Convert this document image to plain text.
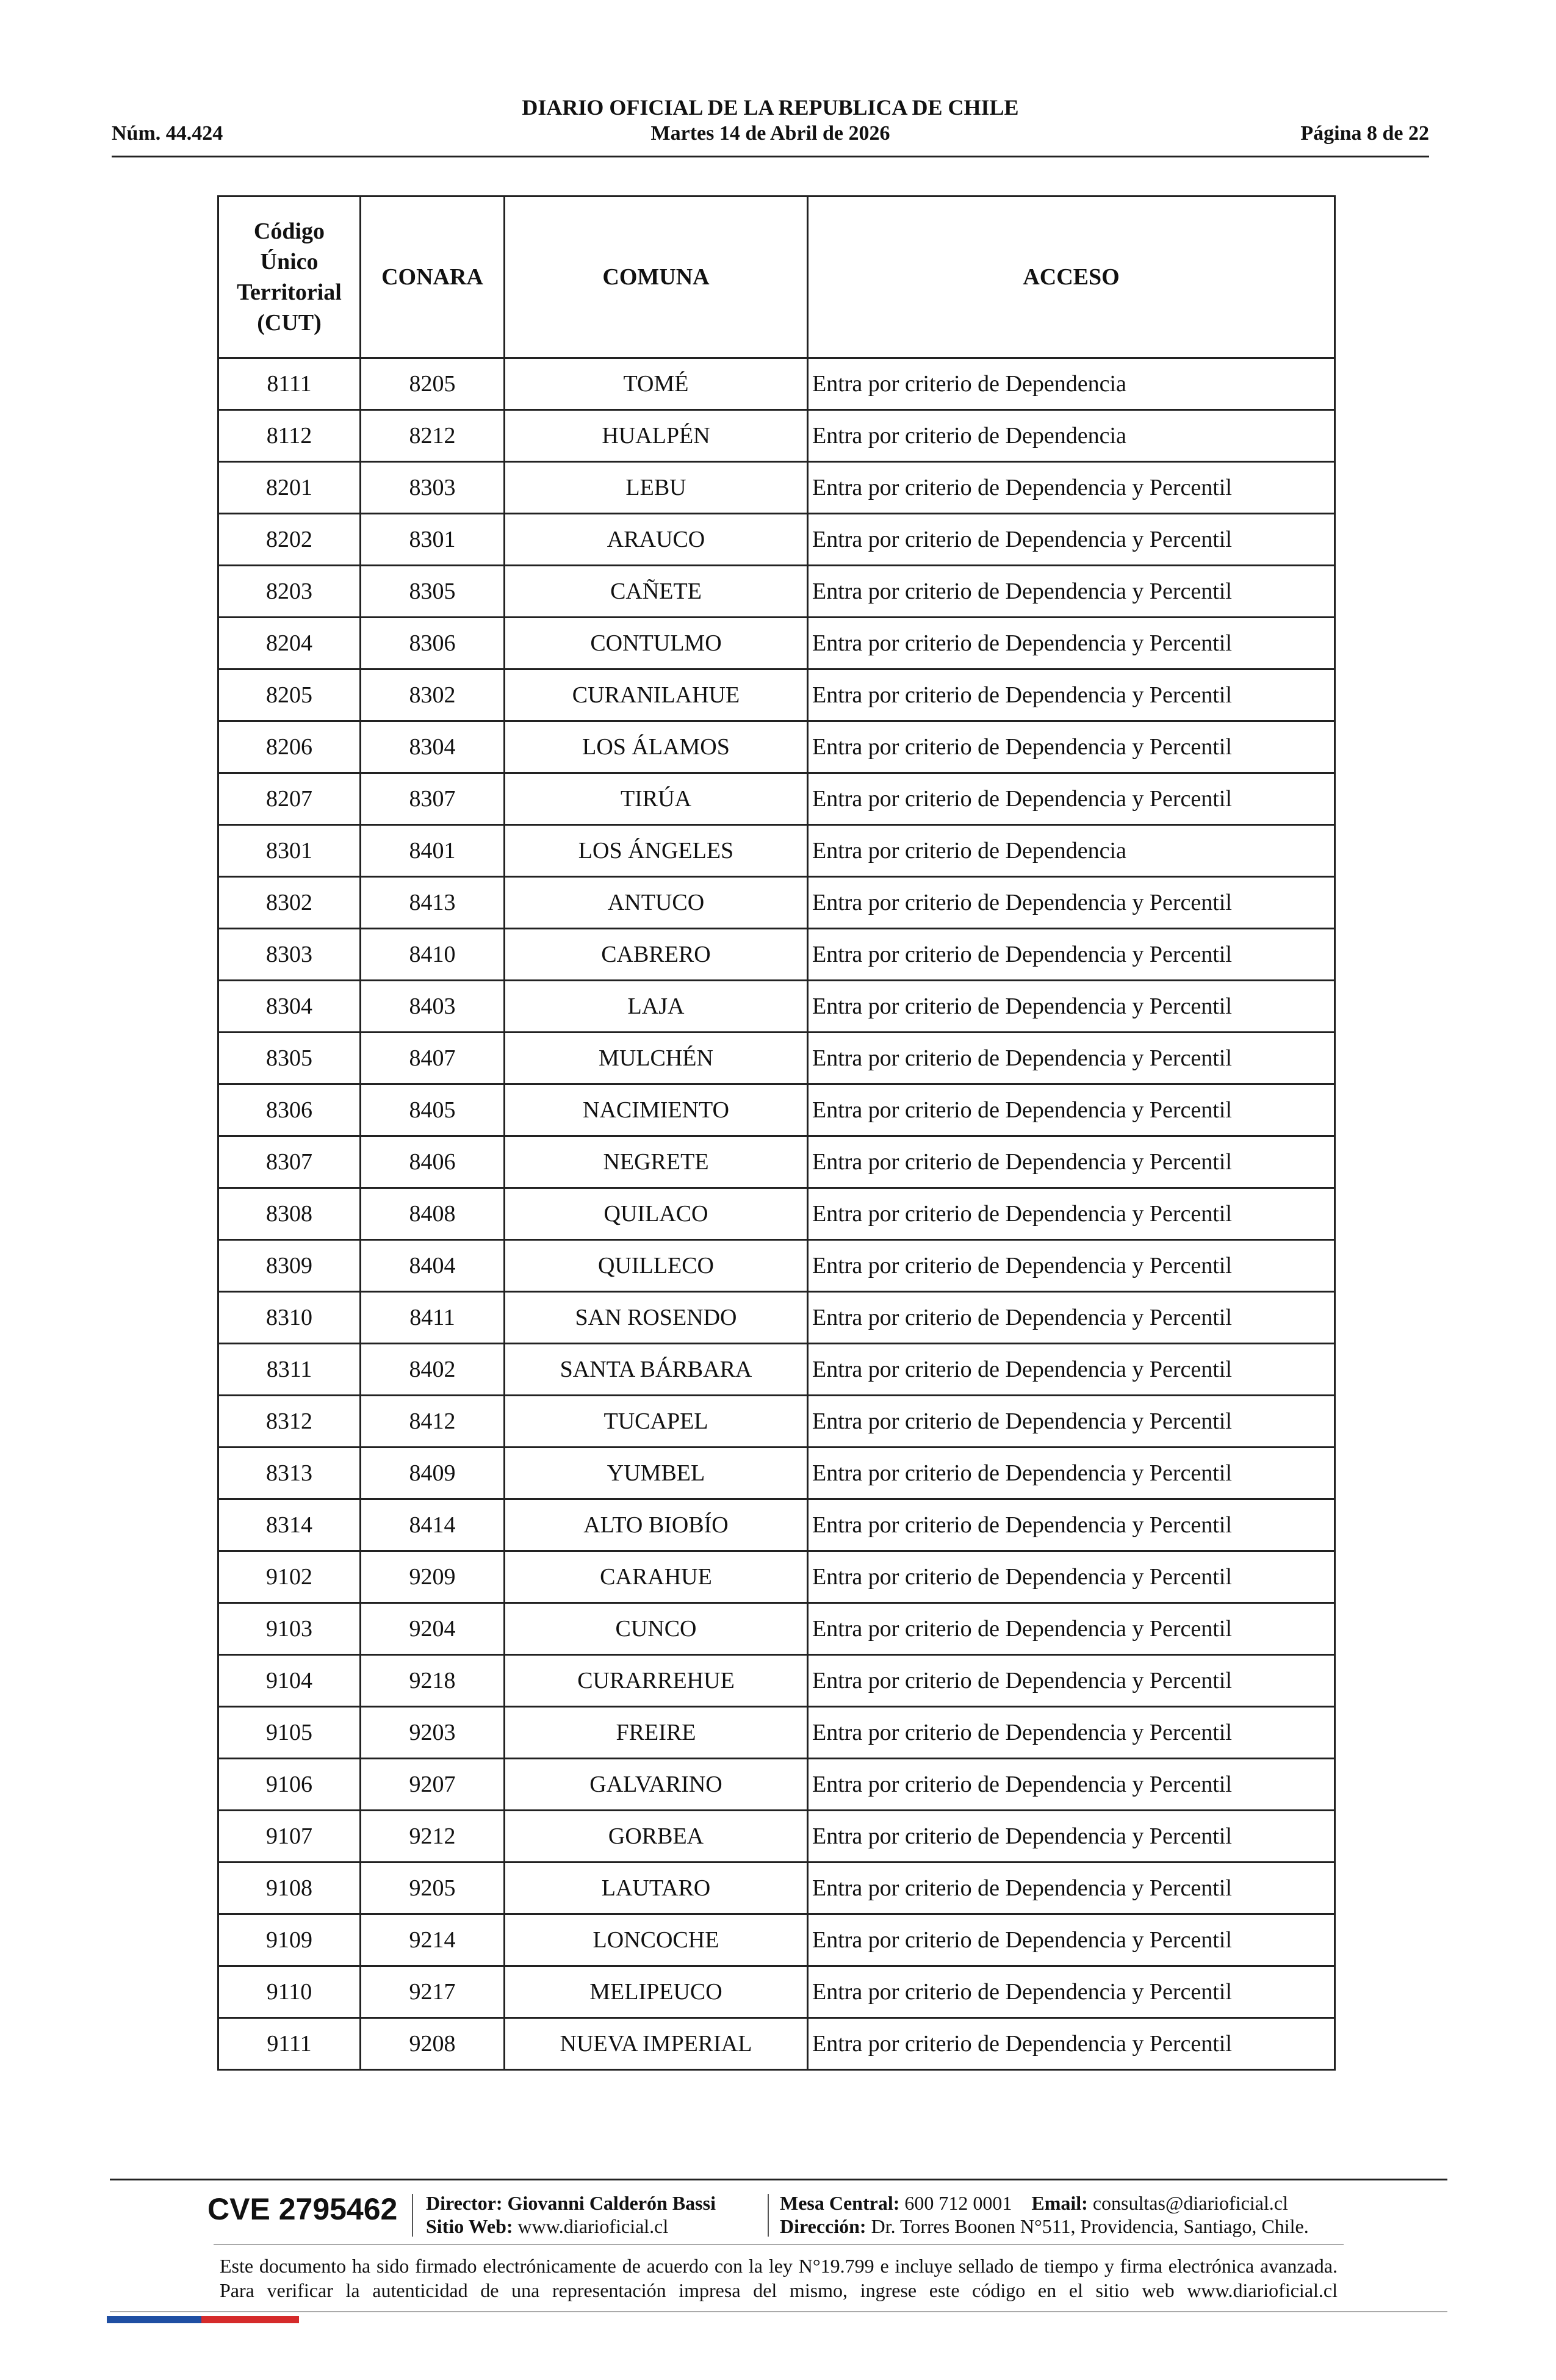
DIARIO OFICIAL DE LA REPUBLICA DE CHILE
Núm. 44.424	Martes 14 de Abril de 2026	Página 8 de 22
Código Único Territorial (CUT)	CONARA	COMUNA	ACCESO
8111	8205	TOMÉ	Entra por criterio de Dependencia
8112	8212	HUALPÉN	Entra por criterio de Dependencia
8201	8303	LEBU	Entra por criterio de Dependencia y Percentil
8202	8301	ARAUCO	Entra por criterio de Dependencia y Percentil
8203	8305	CAÑETE	Entra por criterio de Dependencia y Percentil
8204	8306	CONTULMO	Entra por criterio de Dependencia y Percentil
8205	8302	CURANILAHUE	Entra por criterio de Dependencia y Percentil
8206	8304	LOS ÁLAMOS	Entra por criterio de Dependencia y Percentil
8207	8307	TIRÚA	Entra por criterio de Dependencia y Percentil
8301	8401	LOS ÁNGELES	Entra por criterio de Dependencia
8302	8413	ANTUCO	Entra por criterio de Dependencia y Percentil
8303	8410	CABRERO	Entra por criterio de Dependencia y Percentil
8304	8403	LAJA	Entra por criterio de Dependencia y Percentil
8305	8407	MULCHÉN	Entra por criterio de Dependencia y Percentil
8306	8405	NACIMIENTO	Entra por criterio de Dependencia y Percentil
8307	8406	NEGRETE	Entra por criterio de Dependencia y Percentil
8308	8408	QUILACO	Entra por criterio de Dependencia y Percentil
8309	8404	QUILLECO	Entra por criterio de Dependencia y Percentil
8310	8411	SAN ROSENDO	Entra por criterio de Dependencia y Percentil
8311	8402	SANTA BÁRBARA	Entra por criterio de Dependencia y Percentil
8312	8412	TUCAPEL	Entra por criterio de Dependencia y Percentil
8313	8409	YUMBEL	Entra por criterio de Dependencia y Percentil
8314	8414	ALTO BIOBÍO	Entra por criterio de Dependencia y Percentil
9102	9209	CARAHUE	Entra por criterio de Dependencia y Percentil
9103	9204	CUNCO	Entra por criterio de Dependencia y Percentil
9104	9218	CURARREHUE	Entra por criterio de Dependencia y Percentil
9105	9203	FREIRE	Entra por criterio de Dependencia y Percentil
9106	9207	GALVARINO	Entra por criterio de Dependencia y Percentil
9107	9212	GORBEA	Entra por criterio de Dependencia y Percentil
9108	9205	LAUTARO	Entra por criterio de Dependencia y Percentil
9109	9214	LONCOCHE	Entra por criterio de Dependencia y Percentil
9110	9217	MELIPEUCO	Entra por criterio de Dependencia y Percentil
9111	9208	NUEVA IMPERIAL	Entra por criterio de Dependencia y Percentil
CVE 2795462 Director: Giovanni Calderón Bassi
Sitio Web: www.diarioficial.cl
Mesa Central: 600 712 0001 Email: consultas@diarioficial.cl
Dirección: Dr. Torres Boonen N°511, Providencia, Santiago, Chile.
Este documento ha sido firmado electrónicamente de acuerdo con la ley N°19.799 e incluye sellado de tiempo y firma electrónica avanzada. Para verificar la autenticidad de una representación impresa del mismo, ingrese este código en el sitio web www.diarioficial.cl
